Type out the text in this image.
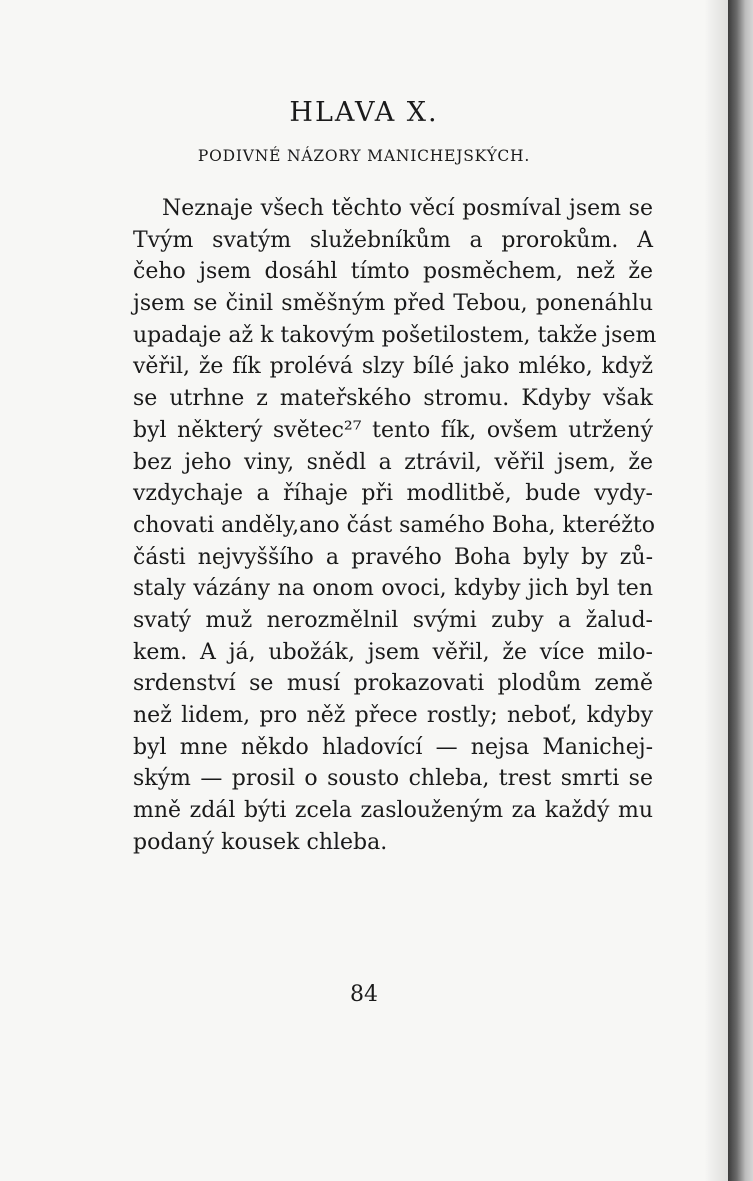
HLAVA X.
PODIVNÉ NÁZORY MANICHEJSKÝCH.
Neznaje všech těchto věcí posmíval jsem se
Tvým svatým služebníkům a prorokům. A
čeho jsem dosáhl tímto posměchem, než že
jsem se činil směšným před Tebou, ponenáhlu
upadaje až k takovým pošetilostem, takže jsem
věřil, že fík prolévá slzy bílé jako mléko, když
se utrhne z mateřského stromu. Kdyby však
byl některý světec²⁷ tento fík, ovšem utržený
bez jeho viny, snědl a ztrávil, věřil jsem, že
vzdychaje a říhaje při modlitbě, bude vydy-
chovati anděly,ano část samého Boha, kteréžto
části nejvyššího a pravého Boha byly by zů-
staly vázány na onom ovoci, kdyby jich byl ten
svatý muž nerozmělnil svými zuby a žalud-
kem. A já, ubožák, jsem věřil, že více milo-
srdenství se musí prokazovati plodům země
než lidem, pro něž přece rostly; neboť, kdyby
byl mne někdo hladovící — nejsa Manichej-
ským — prosil o sousto chleba, trest smrti se
mně zdál býti zcela zaslouženým za každý mu
podaný kousek chleba.
84
